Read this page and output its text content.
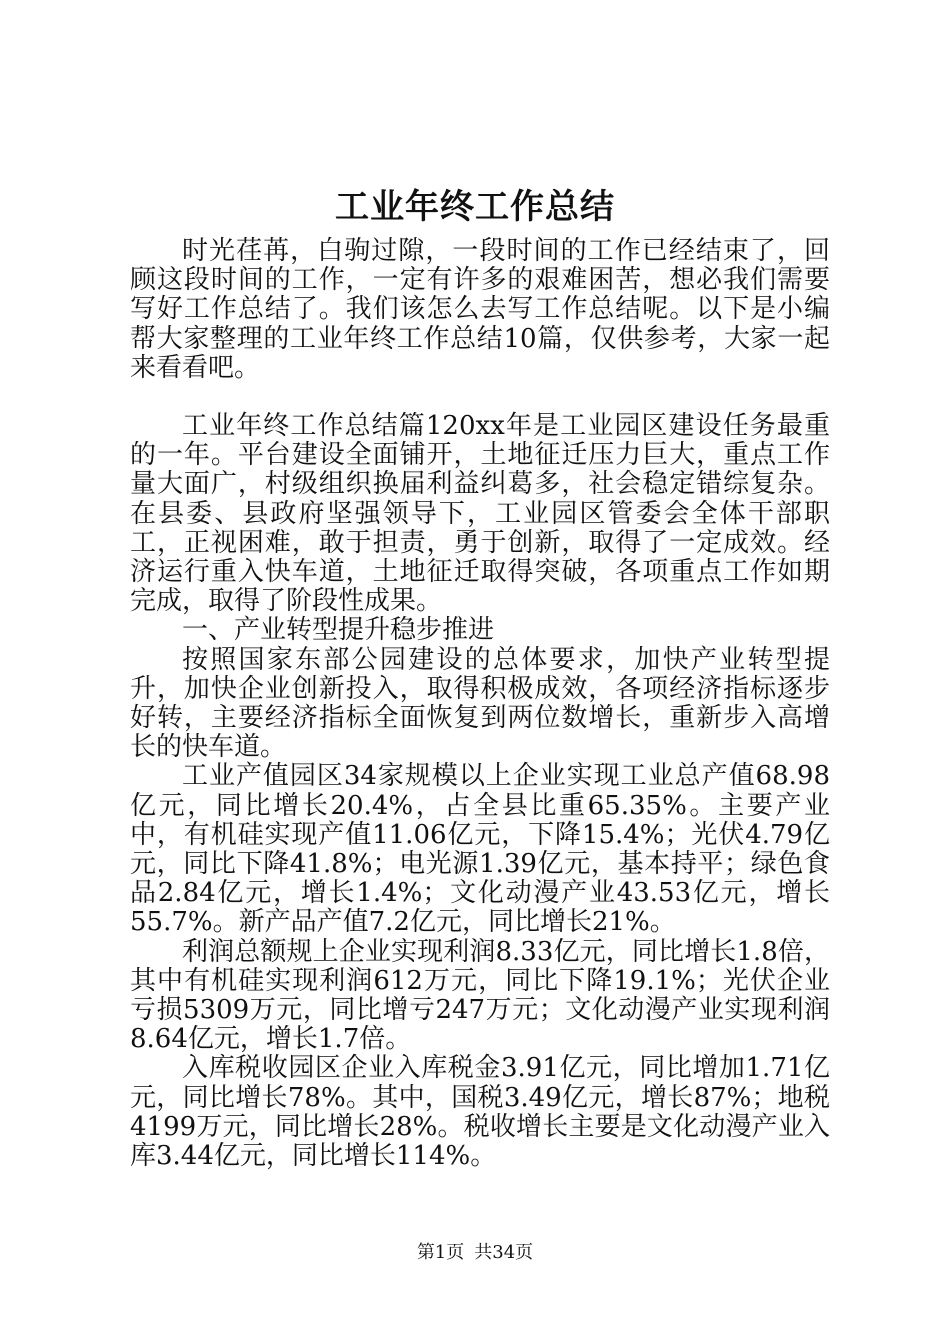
工业年终工作总结

时光荏苒，白驹过隙，一段时间的工作已经结束了，回顾这段时间的工作，一定有许多的艰难困苦，想必我们需要写好工作总结了。我们该怎么去写工作总结呢。以下是小编帮大家整理的工业年终工作总结10篇，仅供参考，大家一起来看看吧。

工业年终工作总结篇120xx年是工业园区建设任务最重的一年。平台建设全面铺开，土地征迁压力巨大，重点工作量大面广，村级组织换届利益纠葛多，社会稳定错综复杂。在县委、县政府坚强领导下，工业园区管委会全体干部职工，正视困难，敢于担责，勇于创新，取得了一定成效。经济运行重入快车道，土地征迁取得突破，各项重点工作如期完成，取得了阶段性成果。

一、产业转型提升稳步推进

按照国家东部公园建设的总体要求，加快产业转型提升，加快企业创新投入，取得积极成效，各项经济指标逐步好转，主要经济指标全面恢复到两位数增长，重新步入高增长的快车道。

工业产值园区34家规模以上企业实现工业总产值68.98亿元，同比增长20.4%，占全县比重65.35%。主要产业中，有机硅实现产值11.06亿元，下降15.4%；光伏4.79亿元，同比下降41.8%；电光源1.39亿元，基本持平；绿色食品2.84亿元，增长1.4%；文化动漫产业43.53亿元，增长55.7%。新产品产值7.2亿元，同比增长21%。

利润总额规上企业实现利润8.33亿元，同比增长1.8倍，其中有机硅实现利润612万元，同比下降19.1%；光伏企业亏损5309万元，同比增亏247万元；文化动漫产业实现利润8.64亿元，增长1.7倍。

入库税收园区企业入库税金3.91亿元，同比增加1.71亿元，同比增长78%。其中，国税3.49亿元，增长87%；地税4199万元，同比增长28%。税收增长主要是文化动漫产业入库3.44亿元，同比增长114%。

第1页 共34页
